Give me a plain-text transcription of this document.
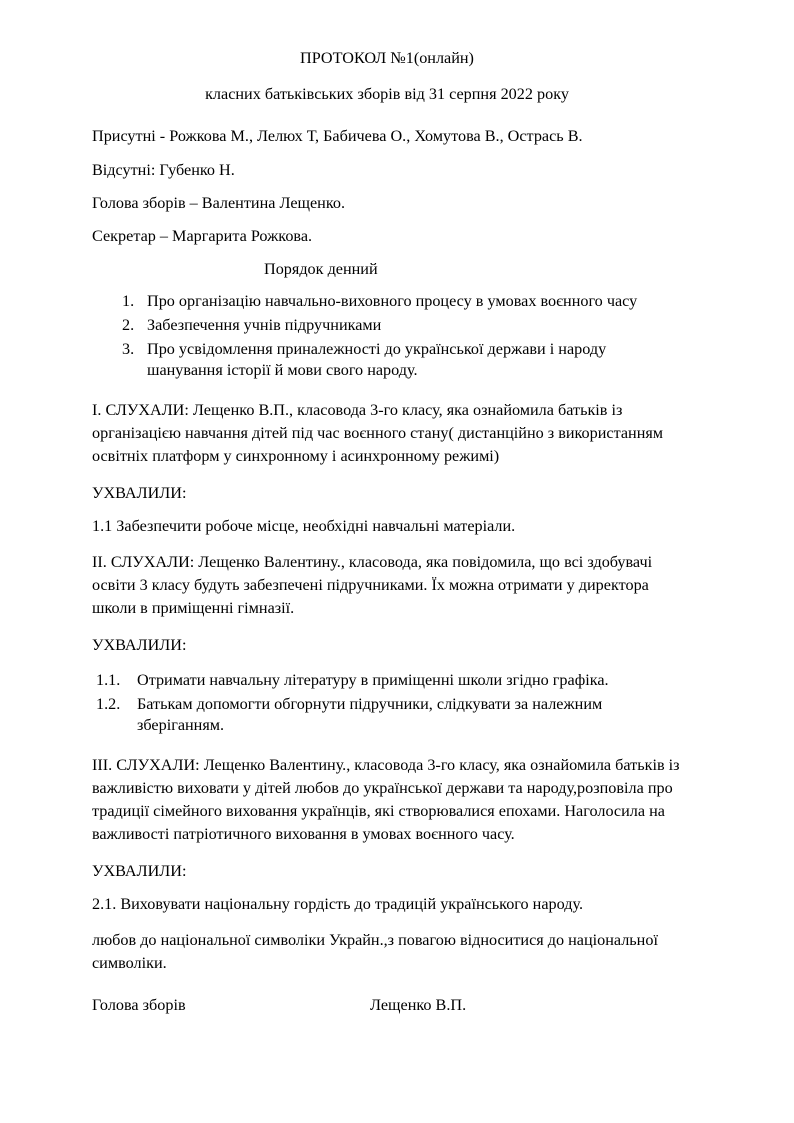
ПРОТОКОЛ №1(онлайн)

класних батьківських зборів від 31 серпня 2022 року

Присутні - Рожкова М., Лелюх Т, Бабичева О., Хомутова В., Острась В.

Відсутні: Губенко Н.

Голова зборів – Валентина Лещенко.

Секретар – Маргарита Рожкова.

Порядок денний

1. Про організацію навчально-виховного процесу в умовах воєнного часу
2. Забезпечення учнів підручниками
3. Про усвідомлення приналежності до української держави і народу шанування історії й мови свого народу.

І. СЛУХАЛИ: Лещенко В.П., класовода 3-го класу, яка ознайомила батьків із організацією навчання дітей під час воєнного стану( дистанційно з використанням освітніх платформ у синхронному і асинхронному режимі)

УХВАЛИЛИ:

1.1 Забезпечити робоче місце, необхідні навчальні матеріали.

ІІ. СЛУХАЛИ: Лещенко Валентину., класовода, яка повідомила, що всі здобувачі освіти 3 класу будуть забезпечені підручниками. Їх можна отримати у директора школи в приміщенні гімназії.

УХВАЛИЛИ:

1.1. Отримати навчальну літературу в приміщенні школи згідно графіка.
1.2. Батькам допомогти обгорнути підручники, слідкувати за належним зберіганням.

ІІІ. СЛУХАЛИ: Лещенко Валентину., класовода 3-го класу, яка ознайомила батьків із важливістю виховати у дітей любов до української держави та народу,розповіла про традиції сімейного виховання українців, які створювалися епохами. Наголосила на важливості патріотичного виховання в умовах воєнного часу.

УХВАЛИЛИ:

2.1. Виховувати національну гордість до традицій українського народу.

любов до національної символіки Украйн.,з повагою відноситися до національної символіки.

Голова зборів	Лещенко В.П.
